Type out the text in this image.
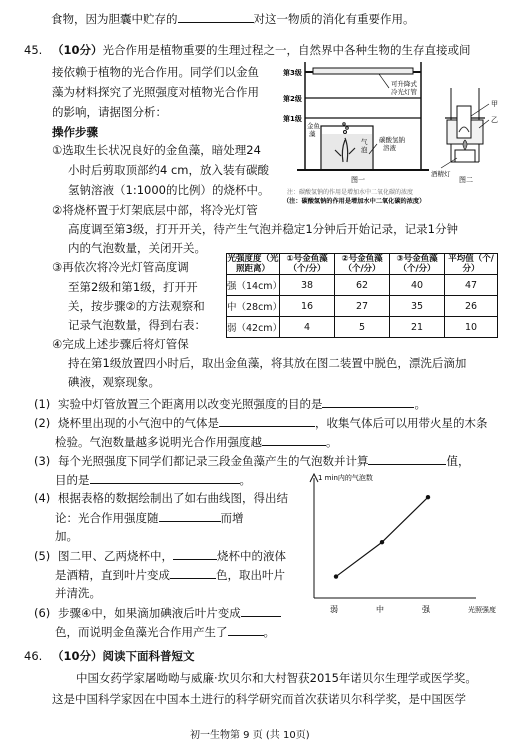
食物，因为胆囊中贮存的	对这一物质的消化有重要作用。
45. （10分）光合作用是植物重要的生理过程之一，自然界中各种生物的生存直接或间
接依赖于植物的光合作用。同学们以金鱼
藻为材料探究了光照强度对植物光合作用
的影响，请据图分析：
操作步骤
①选取生长状况良好的金鱼藻，暗处理24
小时后剪取顶部约4 cm，放入装有碳酸
氢钠溶液（1:1000的比例）的烧杯中。
②将烧杯置于灯架底层中部，将冷光灯管
高度调至第3级，打开开关，待产生气泡并稳定1分钟后开始记录，记录1分钟
内的气泡数量，关闭开关。
③再依次将冷光灯管高度调
至第2级和第1级，打开开
关，按步骤②的方法观察和
记录气泡数量，得到右表：
④完成上述步骤后将灯管保
持在第1级放置四小时后，取出金鱼藻，将其放在图二装置中脱色，漂洗后滴加
碘液，观察现象。
第3级
第2级
第1级
可升降式
冷光灯管
金鱼
藻
气
泡
碳酸氢钠
溶液
图一
甲
乙
酒精灯
图二
注：碳酸氢钠的作用是增加水中二氧化碳的浓度
（注：碳酸氢钠的作用是增加水中二氧化碳的浓度）
光强度度（光照距离）	①号金鱼藻（个/分）	②号金鱼藻（个/分）	③号金鱼藻（个/分）	平均值（个/分）
强（14cm）	38	62	40	47
中（28cm）	16	27	35	26
弱（42cm）	4	5	21	10
(1) 实验中灯管放置三个距离用以改变光照强度的目的是	。
(2) 烧杯里出现的小气泡中的气体是	，收集气体后可以用带火星的木条
检验。气泡数量越多说明光合作用强度越	。
(3) 每个光照强度下同学们都记录三段金鱼藻产生的气泡数并计算	值，
目的是	。
(4) 根据表格的数据绘制出了如右曲线图，得出结
论：光合作用强度随	而增
加。
(5) 图二甲、乙两烧杯中，	烧杯中的液体
是酒精，直到叶片变成	色，取出叶片
并清洗。
(6) 步骤④中，如果滴加碘液后叶片变成
色，而说明金鱼藻光合作用产生了	。
1 min内的气泡数
光照强度
弱	中	强
46. （10分）阅读下面科普短文
中国女药学家屠呦呦与威廉·坎贝尔和大村智获2015年诺贝尔生理学或医学奖。
这是中国科学家因在中国本土进行的科学研究而首次获诺贝尔科学奖，是中国医学
初一生物第 9 页 (共 10页)
